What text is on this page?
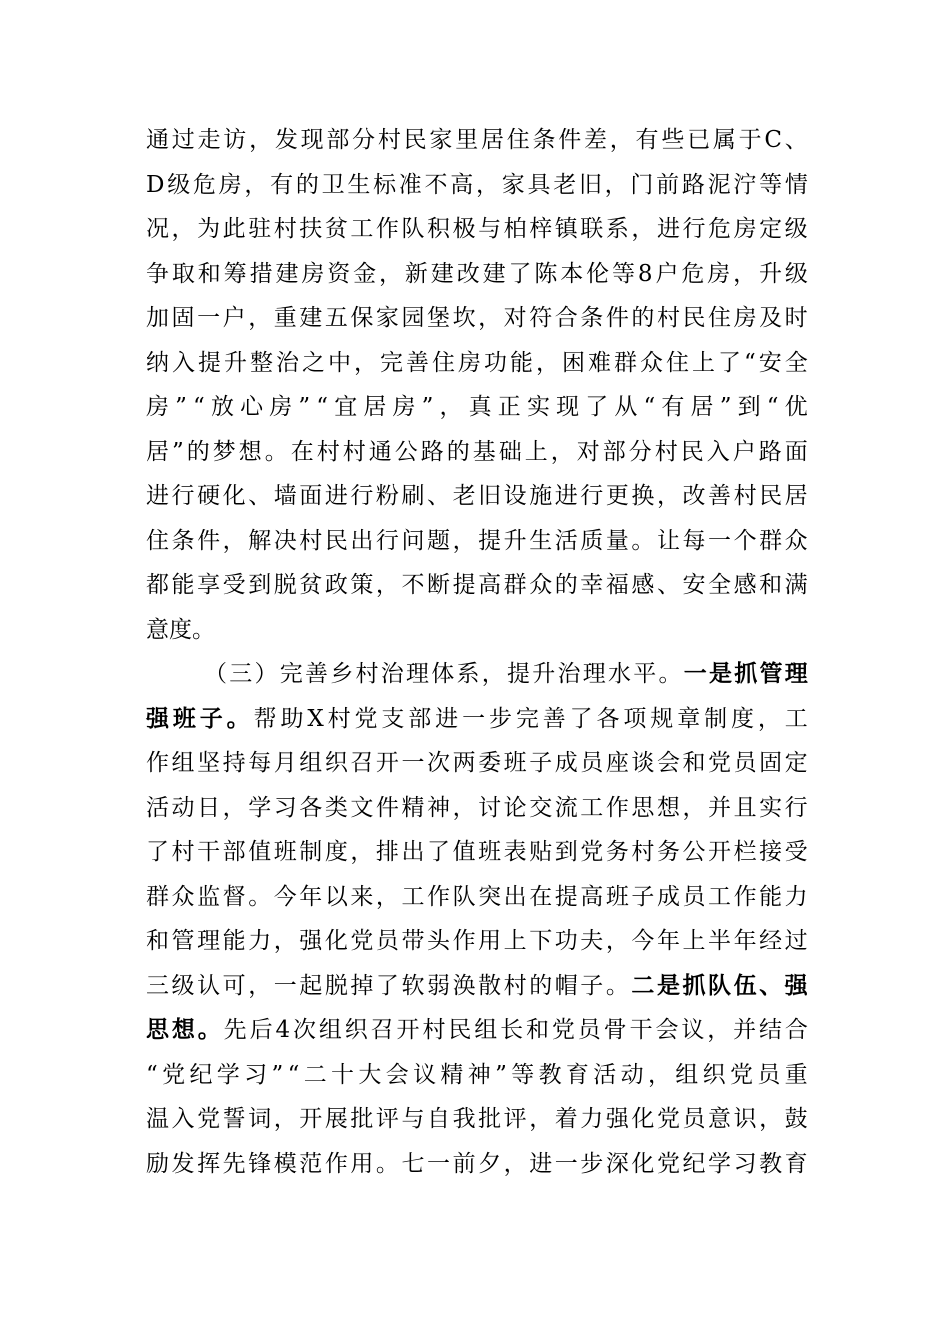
通 过 走 访 ， 发 现 部 分 村 民 家 里 居 住 条 件 差 ， 有 些 已 属 于 C 、
D 级 危 房 ， 有 的 卫 生 标 准 不 高 ， 家 具 老 旧 ， 门 前 路 泥 泞 等 情
况 ， 为 此 驻 村 扶 贫 工 作 队 积 极 与 柏 梓 镇 联 系 ， 进 行 危 房 定 级
争 取 和 筹 措 建 房 资 金 ， 新 建 改 建 了 陈 本 伦 等 8 户 危 房 ， 升 级
加 固 一 户 ， 重 建 五 保 家 园 堡 坎 ， 对 符 合 条 件 的 村 民 住 房 及 时
纳 入 提 升 整 治 之 中 ， 完 善 住 房 功 能 ， 困 难 群 众 住 上 了 “ 安 全
房 ” “ 放 心 房 ” “ 宜 居 房 ” ， 真 正 实 现 了 从 “ 有 居 ” 到 “ 优
居 ” 的 梦 想 。 在 村 村 通 公 路 的 基 础 上 ， 对 部 分 村 民 入 户 路 面
进 行 硬 化 、 墙 面 进 行 粉 刷 、 老 旧 设 施 进 行 更 换 ， 改 善 村 民 居
住 条 件 ， 解 决 村 民 出 行 问 题 ， 提 升 生 活 质 量 。 让 每 一 个 群 众
都 能 享 受 到 脱 贫 政 策 ， 不 断 提 高 群 众 的 幸 福 感 、 安 全 感 和 满
意 度 。
（ 三 ） 完 善 乡 村 治 理 体 系 ， 提 升 治 理 水 平 。 一 是 抓 管 理
强 班 子 。 帮 助 X 村 党 支 部 进 一 步 完 善 了 各 项 规 章 制 度 ， 工
作 组 坚 持 每 月 组 织 召 开 一 次 两 委 班 子 成 员 座 谈 会 和 党 员 固 定
活 动 日 ， 学 习 各 类 文 件 精 神 ， 讨 论 交 流 工 作 思 想 ， 并 且 实 行
了 村 干 部 值 班 制 度 ， 排 出 了 值 班 表 贴 到 党 务 村 务 公 开 栏 接 受
群 众 监 督 。 今 年 以 来 ， 工 作 队 突 出 在 提 高 班 子 成 员 工 作 能 力
和 管 理 能 力 ， 强 化 党 员 带 头 作 用 上 下 功 夫 ， 今 年 上 半 年 经 过
三 级 认 可 ， 一 起 脱 掉 了 软 弱 涣 散 村 的 帽 子 。 二 是 抓 队 伍 、 强
思 想 。 先 后 4 次 组 织 召 开 村 民 组 长 和 党 员 骨 干 会 议 ， 并 结 合
“ 党 纪 学 习 ” “ 二 十 大 会 议 精 神 ” 等 教 育 活 动 ， 组 织 党 员 重
温 入 党 誓 词 ， 开 展 批 评 与 自 我 批 评 ， 着 力 强 化 党 员 意 识 ， 鼓
励 发 挥 先 锋 模 范 作 用 。 七 一 前 夕 ， 进 一 步 深 化 党 纪 学 习 教 育
